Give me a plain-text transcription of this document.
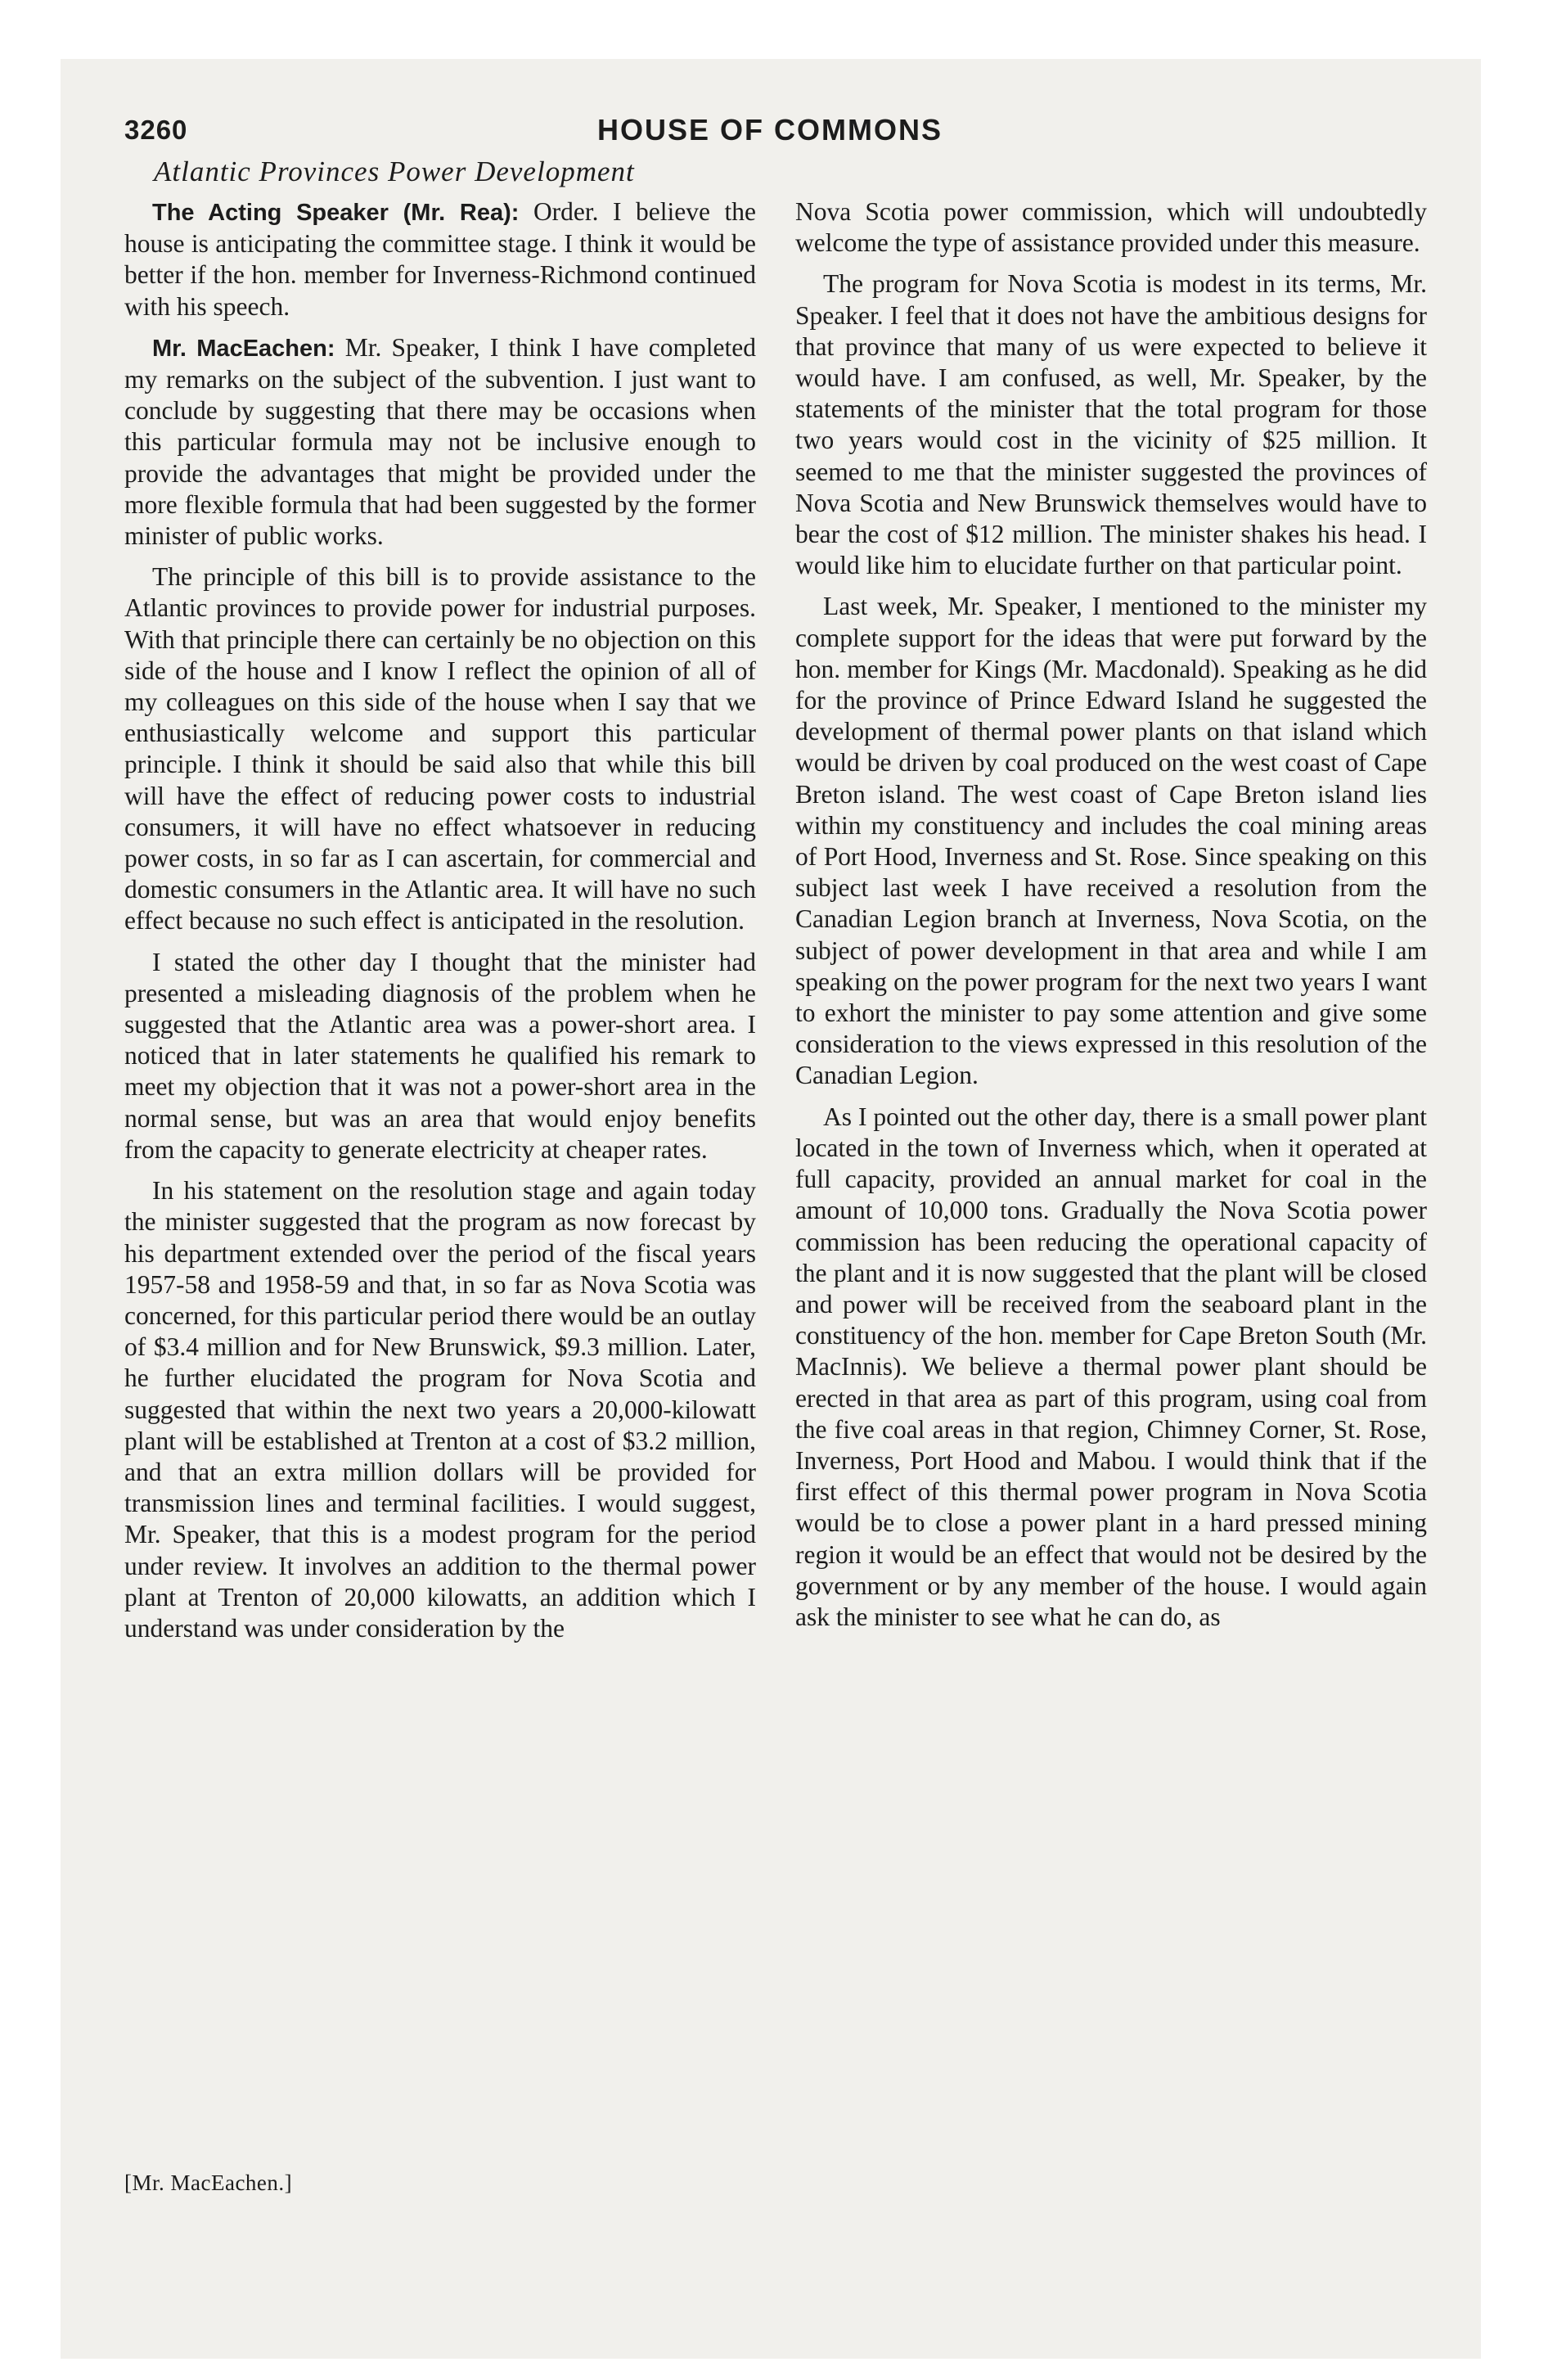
3260	HOUSE OF COMMONS
Atlantic Provinces Power Development

The Acting Speaker (Mr. Rea): Order. I believe the house is anticipating the committee stage. I think it would be better if the hon. member for Inverness-Richmond continued with his speech.

Mr. MacEachen: Mr. Speaker, I think I have completed my remarks on the subject of the subvention. I just want to conclude by suggesting that there may be occasions when this particular formula may not be inclusive enough to provide the advantages that might be provided under the more flexible formula that had been suggested by the former minister of public works.

The principle of this bill is to provide assistance to the Atlantic provinces to provide power for industrial purposes. With that principle there can certainly be no objection on this side of the house and I know I reflect the opinion of all of my colleagues on this side of the house when I say that we enthusiastically welcome and support this particular principle. I think it should be said also that while this bill will have the effect of reducing power costs to industrial consumers, it will have no effect whatsoever in reducing power costs, in so far as I can ascertain, for commercial and domestic consumers in the Atlantic area. It will have no such effect because no such effect is anticipated in the resolution.

I stated the other day I thought that the minister had presented a misleading diagnosis of the problem when he suggested that the Atlantic area was a power-short area. I noticed that in later statements he qualified his remark to meet my objection that it was not a power-short area in the normal sense, but was an area that would enjoy benefits from the capacity to generate electricity at cheaper rates.

In his statement on the resolution stage and again today the minister suggested that the program as now forecast by his department extended over the period of the fiscal years 1957-58 and 1958-59 and that, in so far as Nova Scotia was concerned, for this particular period there would be an outlay of $3.4 million and for New Brunswick, $9.3 million. Later, he further elucidated the program for Nova Scotia and suggested that within the next two years a 20,000-kilowatt plant will be established at Trenton at a cost of $3.2 million, and that an extra million dollars will be provided for transmission lines and terminal facilities. I would suggest, Mr. Speaker, that this is a modest program for the period under review. It involves an addition to the thermal power plant at Trenton of 20,000 kilowatts, an addition which I understand was under consideration by the

Nova Scotia power commission, which will undoubtedly welcome the type of assistance provided under this measure.

The program for Nova Scotia is modest in its terms, Mr. Speaker. I feel that it does not have the ambitious designs for that province that many of us were expected to believe it would have. I am confused, as well, Mr. Speaker, by the statements of the minister that the total program for those two years would cost in the vicinity of $25 million. It seemed to me that the minister suggested the provinces of Nova Scotia and New Brunswick themselves would have to bear the cost of $12 million. The minister shakes his head. I would like him to elucidate further on that particular point.

Last week, Mr. Speaker, I mentioned to the minister my complete support for the ideas that were put forward by the hon. member for Kings (Mr. Macdonald). Speaking as he did for the province of Prince Edward Island he suggested the development of thermal power plants on that island which would be driven by coal produced on the west coast of Cape Breton island. The west coast of Cape Breton island lies within my constituency and includes the coal mining areas of Port Hood, Inverness and St. Rose. Since speaking on this subject last week I have received a resolution from the Canadian Legion branch at Inverness, Nova Scotia, on the subject of power development in that area and while I am speaking on the power program for the next two years I want to exhort the minister to pay some attention and give some consideration to the views expressed in this resolution of the Canadian Legion.

As I pointed out the other day, there is a small power plant located in the town of Inverness which, when it operated at full capacity, provided an annual market for coal in the amount of 10,000 tons. Gradually the Nova Scotia power commission has been reducing the operational capacity of the plant and it is now suggested that the plant will be closed and power will be received from the seaboard plant in the constituency of the hon. member for Cape Breton South (Mr. MacInnis). We believe a thermal power plant should be erected in that area as part of this program, using coal from the five coal areas in that region, Chimney Corner, St. Rose, Inverness, Port Hood and Mabou. I would think that if the first effect of this thermal power program in Nova Scotia would be to close a power plant in a hard pressed mining region it would be an effect that would not be desired by the government or by any member of the house. I would again ask the minister to see what he can do, as

[Mr. MacEachen.]
